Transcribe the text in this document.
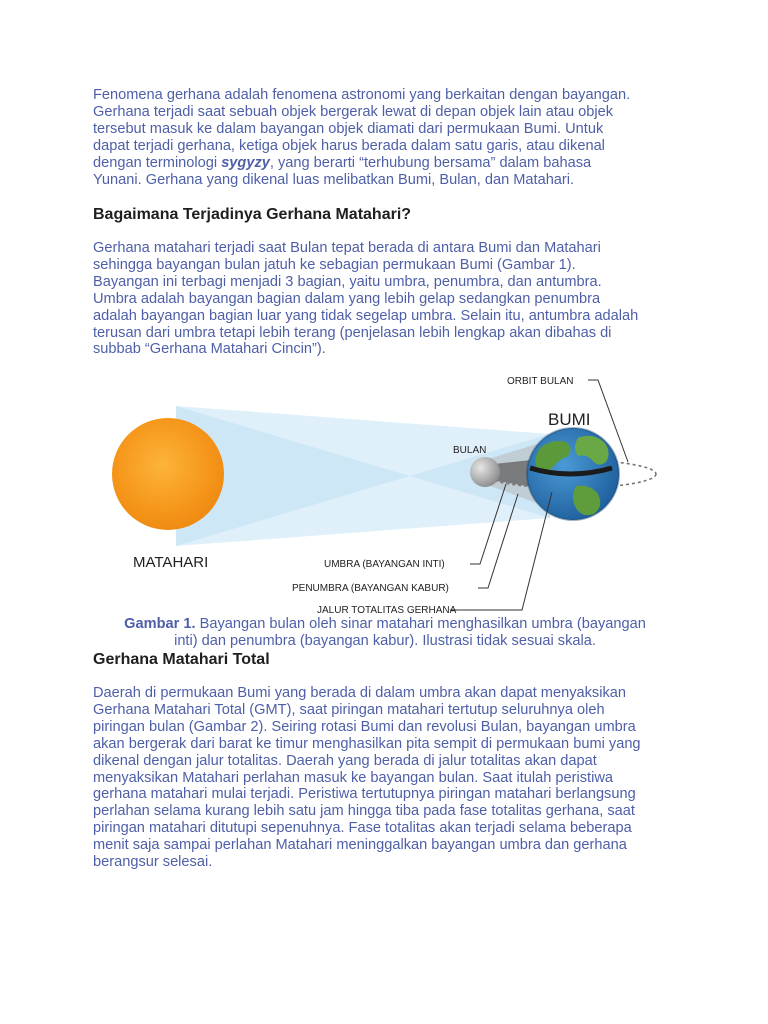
Fenomena gerhana adalah fenomena astronomi yang berkaitan dengan bayangan.
Gerhana terjadi saat sebuah objek bergerak lewat di depan objek lain atau objek
tersebut masuk ke dalam bayangan objek diamati dari permukaan Bumi. Untuk
dapat terjadi gerhana, ketiga objek harus berada dalam satu garis, atau dikenal
dengan terminologi sygyzy, yang berarti “terhubung bersama” dalam bahasa
Yunani. Gerhana yang dikenal luas melibatkan Bumi, Bulan, dan Matahari.

Bagaimana Terjadinya Gerhana Matahari?

Gerhana matahari terjadi saat Bulan tepat berada di antara Bumi dan Matahari
sehingga bayangan bulan jatuh ke sebagian permukaan Bumi (Gambar 1).
Bayangan ini terbagi menjadi 3 bagian, yaitu umbra, penumbra, dan antumbra.
Umbra adalah bayangan bagian dalam yang lebih gelap sedangkan penumbra
adalah bayangan bagian luar yang tidak segelap umbra. Selain itu, antumbra adalah
terusan dari umbra tetapi lebih terang (penjelasan lebih lengkap akan dibahas di
subbab “Gerhana Matahari Cincin”).

ORBIT BULAN
BUMI
BULAN
MATAHARI	UMBRA (BAYANGAN INTI)
PENUMBRA (BAYANGAN KABUR)
JALUR TOTALITAS GERHANA

Gambar 1. Bayangan bulan oleh sinar matahari menghasilkan umbra (bayangan
inti) dan penumbra (bayangan kabur). Ilustrasi tidak sesuai skala.

Gerhana Matahari Total

Daerah di permukaan Bumi yang berada di dalam umbra akan dapat menyaksikan
Gerhana Matahari Total (GMT), saat piringan matahari tertutup seluruhnya oleh
piringan bulan (Gambar 2). Seiring rotasi Bumi dan revolusi Bulan, bayangan umbra
akan bergerak dari barat ke timur menghasilkan pita sempit di permukaan bumi yang
dikenal dengan jalur totalitas. Daerah yang berada di jalur totalitas akan dapat
menyaksikan Matahari perlahan masuk ke bayangan bulan. Saat itulah peristiwa
gerhana matahari mulai terjadi. Peristiwa tertutupnya piringan matahari berlangsung
perlahan selama kurang lebih satu jam hingga tiba pada fase totalitas gerhana, saat
piringan matahari ditutupi sepenuhnya. Fase totalitas akan terjadi selama beberapa
menit saja sampai perlahan Matahari meninggalkan bayangan umbra dan gerhana
berangsur selesai.
